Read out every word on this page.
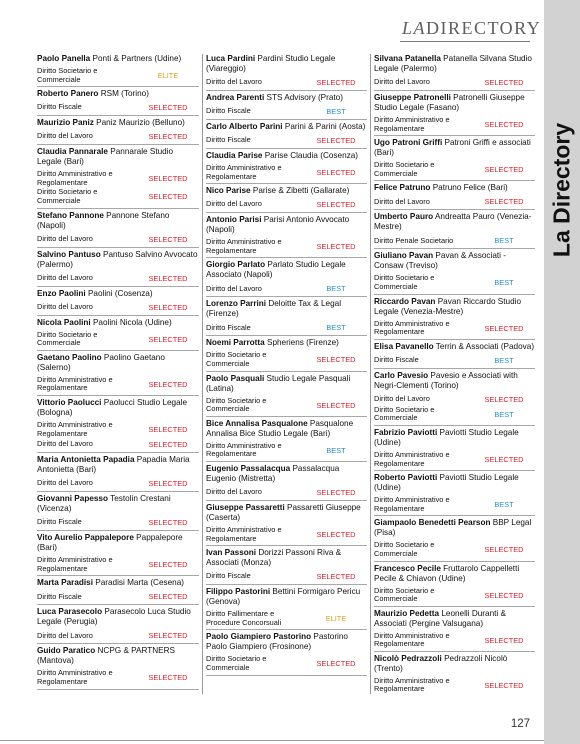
LADIRECTORY
La Directory
Paolo Panella Ponti & Partners (Udine)
Diritto Societario e Commerciale	ELITE
Roberto Panero RSM (Torino)
Diritto Fiscale	SELECTED
Maurizio Paniz Paniz Maurizio (Belluno)
Diritto del Lavoro	SELECTED
Claudia Pannarale Pannarale Studio Legale (Bari)
Diritto Amministrativo e Regolamentare	SELECTED
Diritto Societario e Commerciale	SELECTED
Stefano Pannone Pannone Stefano (Napoli)
Diritto del Lavoro	SELECTED
Salvino Pantuso Pantuso Salvino Avvocato (Palermo)
Diritto del Lavoro	SELECTED
Enzo Paolini Paolini (Cosenza)
Diritto del Lavoro	SELECTED
Nicola Paolini Paolini Nicola (Udine)
Diritto Societario e Commerciale	SELECTED
Gaetano Paolino Paolino Gaetano (Salerno)
Diritto Amministrativo e Regolamentare	SELECTED
Vittorio Paolucci Paolucci Studio Legale (Bologna)
Diritto Amministrativo e Regolamentare	SELECTED
Diritto del Lavoro	SELECTED
Maria Antonietta Papadia Papadia Maria Antonietta (Bari)
Diritto del Lavoro	SELECTED
Giovanni Papesso Testolin Crestani (Vicenza)
Diritto Fiscale	SELECTED
Vito Aurelio Pappalepore Pappalepore (Bari)
Diritto Amministrativo e Regolamentare	SELECTED
Marta Paradisi Paradisi Marta (Cesena)
Diritto Fiscale	SELECTED
Luca Parasecolo Parasecolo Luca Studio Legale (Perugia)
Diritto del Lavoro	SELECTED
Guido Paratico NCPG & PARTNERS (Mantova)
Diritto Amministrativo e Regolamentare	SELECTED
Luca Pardini Pardini Studio Legale (Viareggio)
Diritto del Lavoro	SELECTED
Andrea Parenti STS Advisory (Prato)
Diritto Fiscale	BEST
Carlo Alberto Parini Parini & Parini (Aosta)
Diritto Fiscale	SELECTED
Claudia Parise Parise Claudia (Cosenza)
Diritto Amministrativo e Regolamentare	SELECTED
Nico Parise Parise & Zibetti (Gallarate)
Diritto del Lavoro	SELECTED
Antonio Parisi Parisi Antonio Avvocato (Napoli)
Diritto Amministrativo e Regolamentare	SELECTED
Giorgio Parlato Parlato Studio Legale Associato (Napoli)
Diritto del Lavoro	BEST
Lorenzo Parrini Deloitte Tax & Legal (Firenze)
Diritto Fiscale	BEST
Noemi Parrotta Spheriens (Firenze)
Diritto Societario e Commerciale	SELECTED
Paolo Pasquali Studio Legale Pasquali (Latina)
Diritto Societario e Commerciale	SELECTED
Bice Annalisa Pasqualone Pasqualone Annalisa Bice Studio Legale (Bari)
Diritto Amministrativo e Regolamentare	BEST
Eugenio Passalacqua Passalacqua Eugenio (Mistretta)
Diritto del Lavoro	SELECTED
Giuseppe Passaretti Passaretti Giuseppe (Caserta)
Diritto Amministrativo e Regolamentare	SELECTED
Ivan Passoni Dorizzi Passoni Riva & Associati (Monza)
Diritto Fiscale	SELECTED
Filippo Pastorini Bettini Formigaro Pericu (Genova)
Diritto Fallimentare e Procedure Concorsuali	ELITE
Paolo Giampiero Pastorino Pastorino Paolo Giampiero (Frosinone)
Diritto Societario e Commerciale	SELECTED
Silvana Patanella Patanella Silvana Studio Legale (Palermo)
Diritto del Lavoro	SELECTED
Giuseppe Patronelli Patronelli Giuseppe Studio Legale (Fasano)
Diritto Amministrativo e Regolamentare	SELECTED
Ugo Patroni Griffi Patroni Griffi e associati (Bari)
Diritto Societario e Commerciale	SELECTED
Felice Patruno Patruno Felice (Bari)
Diritto del Lavoro	SELECTED
Umberto Pauro Andreatta Pauro (Venezia-Mestre)
Diritto Penale Societario	BEST
Giuliano Pavan Pavan & Associati - Consaw (Treviso)
Diritto Societario e Commerciale	BEST
Riccardo Pavan Pavan Riccardo Studio Legale (Venezia-Mestre)
Diritto Amministrativo e Regolamentare	SELECTED
Elisa Pavanello Terrin & Associati (Padova)
Diritto Fiscale	BEST
Carlo Pavesio Pavesio e Associati with Negri-Clementi (Torino)
Diritto del Lavoro	SELECTED
Diritto Societario e Commerciale	BEST
Fabrizio Paviotti Paviotti Studio Legale (Udine)
Diritto Amministrativo e Regolamentare	SELECTED
Roberto Paviotti Paviotti Studio Legale (Udine)
Diritto Amministrativo e Regolamentare	BEST
Giampaolo Benedetti Pearson BBP Legal (Pisa)
Diritto Societario e Commerciale	SELECTED
Francesco Pecile Fruttarolo Cappelletti Pecile & Chiavon (Udine)
Diritto Societario e Commerciale	SELECTED
Maurizio Pedetta Leonelli Duranti & Associati (Pergine Valsugana)
Diritto Amministrativo e Regolamentare	SELECTED
Nicolò Pedrazzoli Pedrazzoli Nicolò (Trento)
Diritto Amministrativo e Regolamentare	SELECTED
127
